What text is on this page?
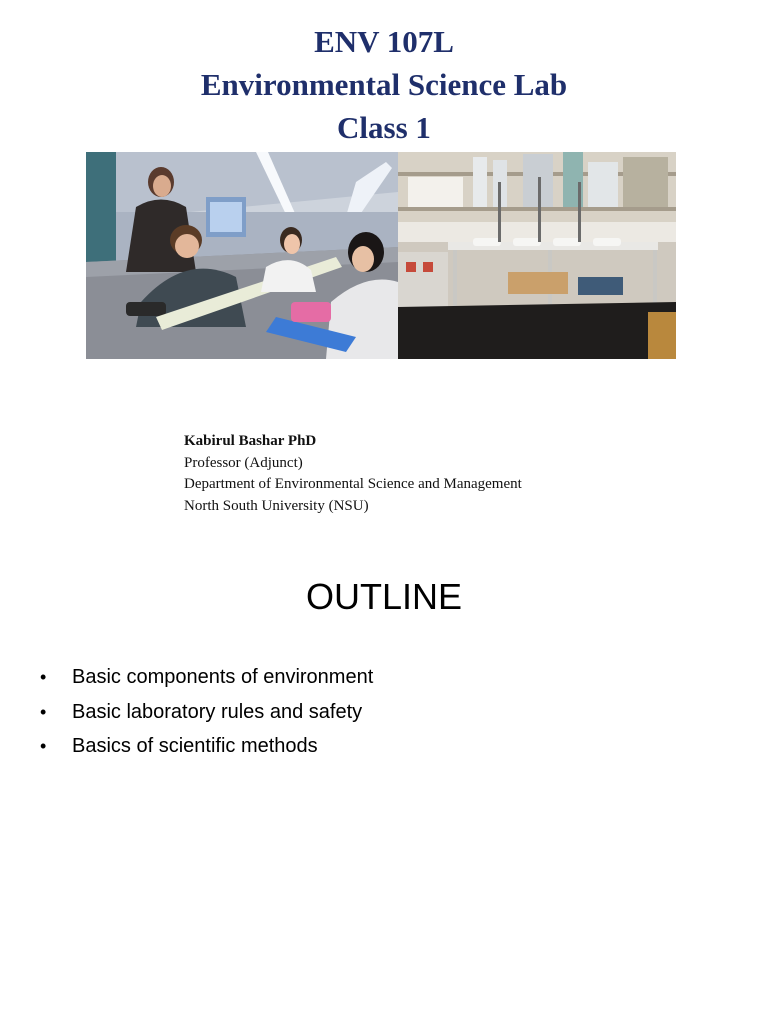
ENV 107L
Environmental Science Lab
Class 1
Kabirul Bashar PhD
Professor (Adjunct)
Department of Environmental Science and Management
North South University (NSU)
OUTLINE
•	Basic components of environment
•	Basic laboratory rules and safety
•	Basics of scientific methods
